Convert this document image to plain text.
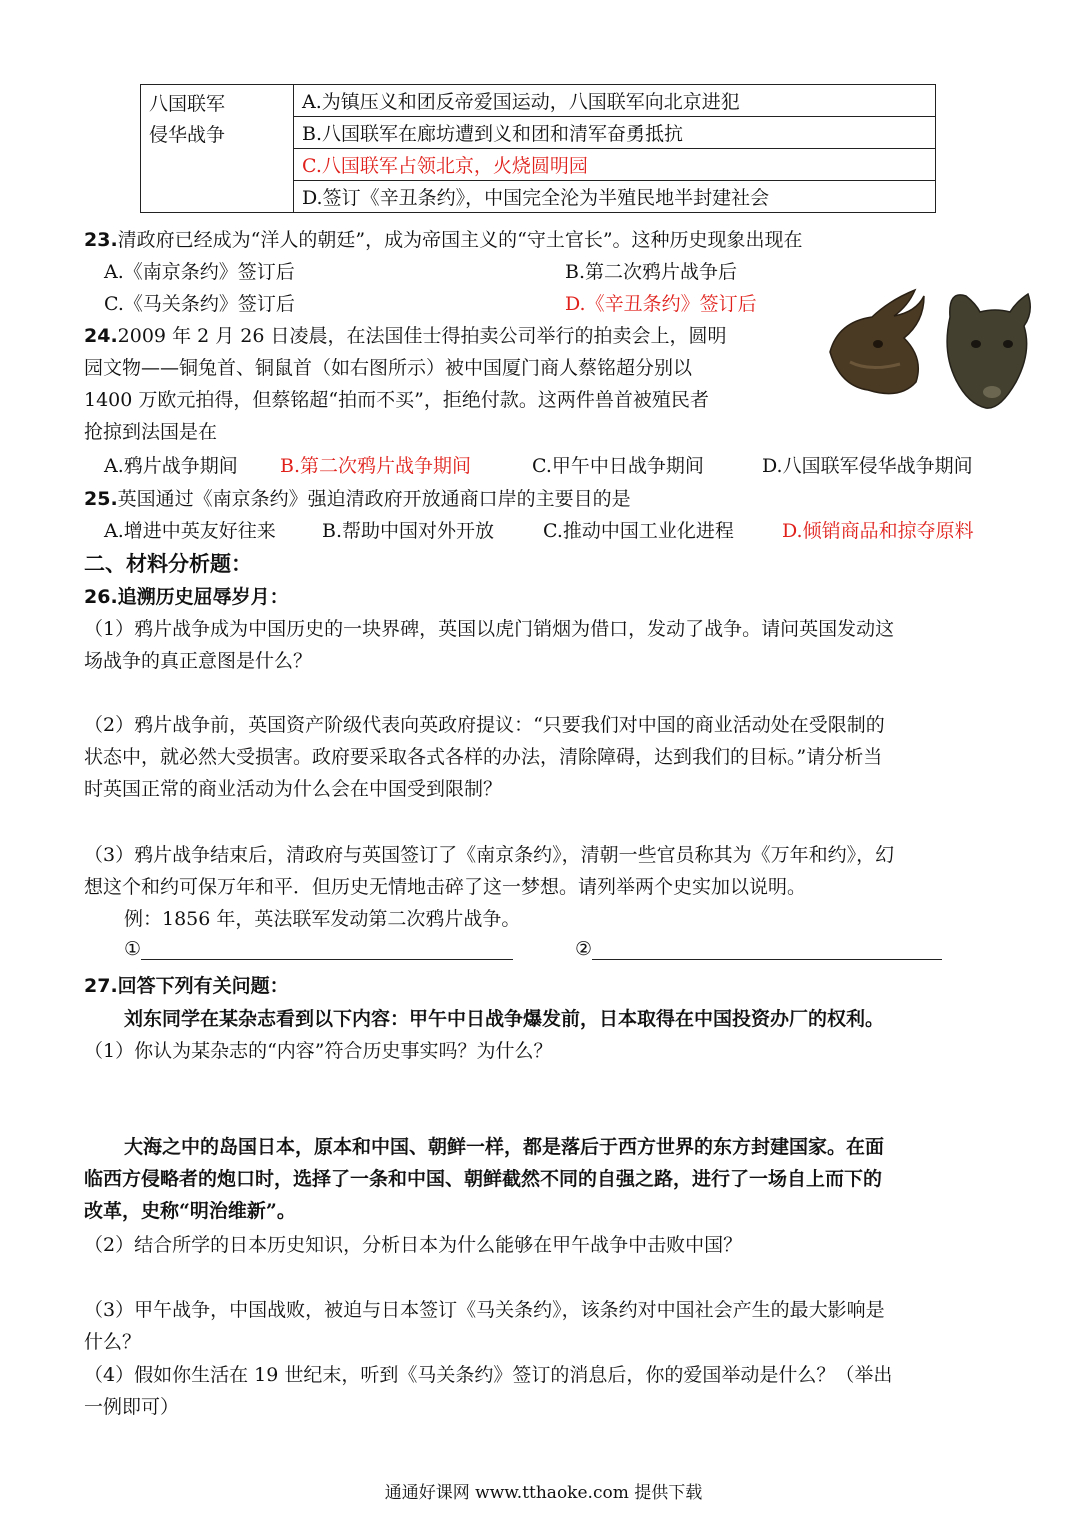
八国联军
侵华战争
	A.为镇压义和团反帝爱国运动，八国联军向北京进犯
B.八国联军在廊坊遭到义和团和清军奋勇抵抗
C.八国联军占领北京，火烧圆明园
D.签订《辛丑条约》，中国完全沦为半殖民地半封建社会
23.清政府已经成为“洋人的朝廷”，成为帝国主义的“守土官长”。这种历史现象出现在
A.《南京条约》签订后	B.第二次鸦片战争后
C.《马关条约》签订后	D.《辛丑条约》签订后
24.2009 年 2 月 26 日凌晨，在法国佳士得拍卖公司举行的拍卖会上，圆明
园文物——铜兔首、铜鼠首（如右图所示）被中国厦门商人蔡铭超分别以
1400 万欧元拍得，但蔡铭超“拍而不买”，拒绝付款。这两件兽首被殖民者
抢掠到法国是在
A.鸦片战争期间 B.第二次鸦片战争期间	C.甲午中日战争期间	D.八国联军侵华战争期间
25.英国通过《南京条约》强迫清政府开放通商口岸的主要目的是
A.增进中英友好往来 B.帮助中国对外开放	C.推动中国工业化进程	D.倾销商品和掠夺原料
二、材料分析题：
26.追溯历史屈辱岁月：
（1）鸦片战争成为中国历史的一块界碑，英国以虎门销烟为借口，发动了战争。请问英国发动这
场战争的真正意图是什么？
（2）鸦片战争前，英国资产阶级代表向英政府提议：“只要我们对中国的商业活动处在受限制的
状态中，就必然大受损害。政府要采取各式各样的办法，清除障碍，达到我们的目标。”请分析当
时英国正常的商业活动为什么会在中国受到限制？
（3）鸦片战争结束后，清政府与英国签订了《南京条约》，清朝一些官员称其为《万年和约》，幻
想这个和约可保万年和平．但历史无情地击碎了这一梦想。请列举两个史实加以说明。
例：1856 年，英法联军发动第二次鸦片战争。
①	②
27.回答下列有关问题：
刘东同学在某杂志看到以下内容：甲午中日战争爆发前，日本取得在中国投资办厂的权利。
（1）你认为某杂志的“内容”符合历史事实吗？为什么？
大海之中的岛国日本，原本和中国、朝鲜一样，都是落后于西方世界的东方封建国家。在面
临西方侵略者的炮口时，选择了一条和中国、朝鲜截然不同的自强之路，进行了一场自上而下的
改革，史称“明治维新”。
（2）结合所学的日本历史知识，分析日本为什么能够在甲午战争中击败中国？
（3）甲午战争，中国战败，被迫与日本签订《马关条约》，该条约对中国社会产生的最大影响是
什么？
（4）假如你生活在 19 世纪末，听到《马关条约》签订的消息后，你的爱国举动是什么？（举出
一例即可）
通通好课网 www.tthaoke.com 提供下载
